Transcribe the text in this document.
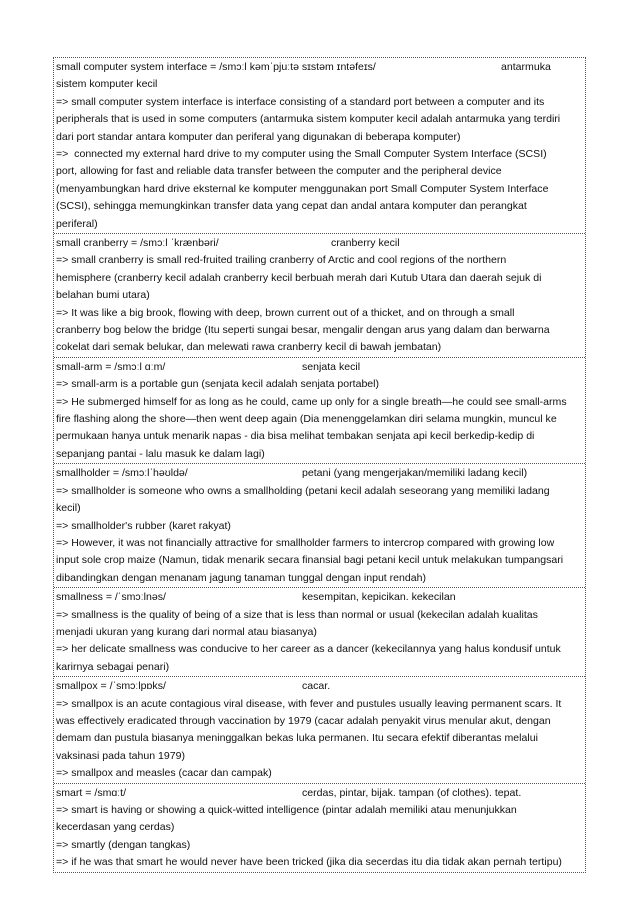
small computer system interface = /smɔːl kəmˈpjuːtə sɪstəm ɪntəfeɪs/	antarmuka
sistem komputer kecil
=> small computer system interface is interface consisting of a standard port between a computer and its
peripherals that is used in some computers (antarmuka sistem komputer kecil adalah antarmuka yang terdiri
dari port standar antara komputer dan periferal yang digunakan di beberapa komputer)
=>  connected my external hard drive to my computer using the Small Computer System Interface (SCSI)
port, allowing for fast and reliable data transfer between the computer and the peripheral device
(menyambungkan hard drive eksternal ke komputer menggunakan port Small Computer System Interface
(SCSI), sehingga memungkinkan transfer data yang cepat dan andal antara komputer dan perangkat
periferal)
small cranberry = /smɔːl ˈkrænbəri/	cranberry kecil
=> small cranberry is small red-fruited trailing cranberry of Arctic and cool regions of the northern
hemisphere (cranberry kecil adalah cranberry kecil berbuah merah dari Kutub Utara dan daerah sejuk di
belahan bumi utara)
=> It was like a big brook, flowing with deep, brown current out of a thicket, and on through a small
cranberry bog below the bridge (Itu seperti sungai besar, mengalir dengan arus yang dalam dan berwarna
cokelat dari semak belukar, dan melewati rawa cranberry kecil di bawah jembatan)
small-arm = /smɔːl ɑːm/	senjata kecil
=> small-arm is a portable gun (senjata kecil adalah senjata portabel)
=> He submerged himself for as long as he could, came up only for a single breath—he could see small-arms
fire flashing along the shore—then went deep again (Dia menenggelamkan diri selama mungkin, muncul ke
permukaan hanya untuk menarik napas - dia bisa melihat tembakan senjata api kecil berkedip-kedip di
sepanjang pantai - lalu masuk ke dalam lagi)
smallholder = /smɔːlˈhəʊldə/	petani (yang mengerjakan/memiliki ladang kecil)
=> smallholder is someone who owns a smallholding (petani kecil adalah seseorang yang memiliki ladang
kecil)
=> smallholder's rubber (karet rakyat)
=> However, it was not financially attractive for smallholder farmers to intercrop compared with growing low
input sole crop maize (Namun, tidak menarik secara finansial bagi petani kecil untuk melakukan tumpangsari
dibandingkan dengan menanam jagung tanaman tunggal dengan input rendah)
smallness = /ˈsmɔːlnəs/	kesempitan, kepicikan. kekecilan
=> smallness is the quality of being of a size that is less than normal or usual (kekecilan adalah kualitas
menjadi ukuran yang kurang dari normal atau biasanya)
=> her delicate smallness was conducive to her career as a dancer (kekecilannya yang halus kondusif untuk
karirnya sebagai penari)
smallpox = /ˈsmɔːlpɒks/	cacar.
=> smallpox is an acute contagious viral disease, with fever and pustules usually leaving permanent scars. It
was effectively eradicated through vaccination by 1979 (cacar adalah penyakit virus menular akut, dengan
demam dan pustula biasanya meninggalkan bekas luka permanen. Itu secara efektif diberantas melalui
vaksinasi pada tahun 1979)
=> smallpox and measles (cacar dan campak)
smart = /smɑːt/	cerdas, pintar, bijak. tampan (of clothes). tepat.
=> smart is having or showing a quick-witted intelligence (pintar adalah memiliki atau menunjukkan
kecerdasan yang cerdas)
=> smartly (dengan tangkas)
=> if he was that smart he would never have been tricked (jika dia secerdas itu dia tidak akan pernah tertipu)
